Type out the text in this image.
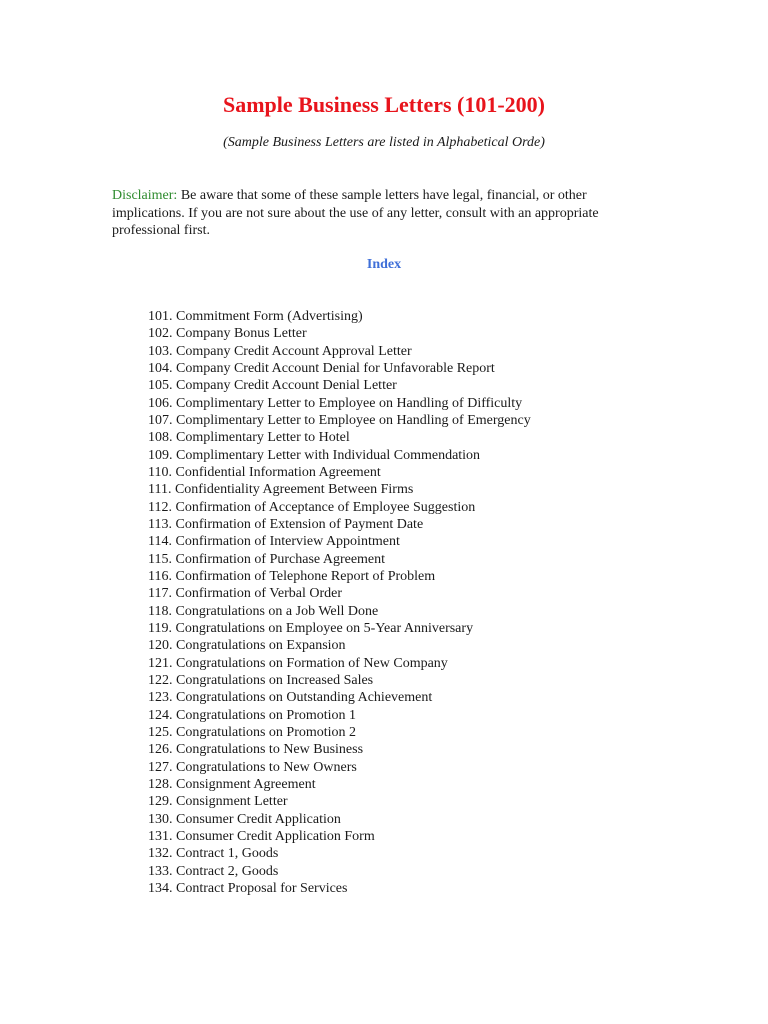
Sample Business Letters (101-200)
(Sample Business Letters are listed in Alphabetical Orde)
Disclaimer: Be aware that some of these sample letters have legal, financial, or other implications. If you are not sure about the use of any letter, consult with an appropriate professional first.
Index
101. Commitment Form (Advertising)
102. Company Bonus Letter
103. Company Credit Account Approval Letter
104. Company Credit Account Denial for Unfavorable Report
105. Company Credit Account Denial Letter
106. Complimentary Letter to Employee on Handling of Difficulty
107. Complimentary Letter to Employee on Handling of Emergency
108. Complimentary Letter to Hotel
109. Complimentary Letter with Individual Commendation
110. Confidential Information Agreement
111. Confidentiality Agreement Between Firms
112. Confirmation of Acceptance of Employee Suggestion
113. Confirmation of Extension of Payment Date
114. Confirmation of Interview Appointment
115. Confirmation of Purchase Agreement
116. Confirmation of Telephone Report of Problem
117. Confirmation of Verbal Order
118. Congratulations on a Job Well Done
119. Congratulations on Employee on 5-Year Anniversary
120. Congratulations on Expansion
121. Congratulations on Formation of New Company
122. Congratulations on Increased Sales
123. Congratulations on Outstanding Achievement
124. Congratulations on Promotion 1
125. Congratulations on Promotion 2
126. Congratulations to New Business
127. Congratulations to New Owners
128. Consignment Agreement
129. Consignment Letter
130. Consumer Credit Application
131. Consumer Credit Application Form
132. Contract 1, Goods
133. Contract 2, Goods
134. Contract Proposal for Services
